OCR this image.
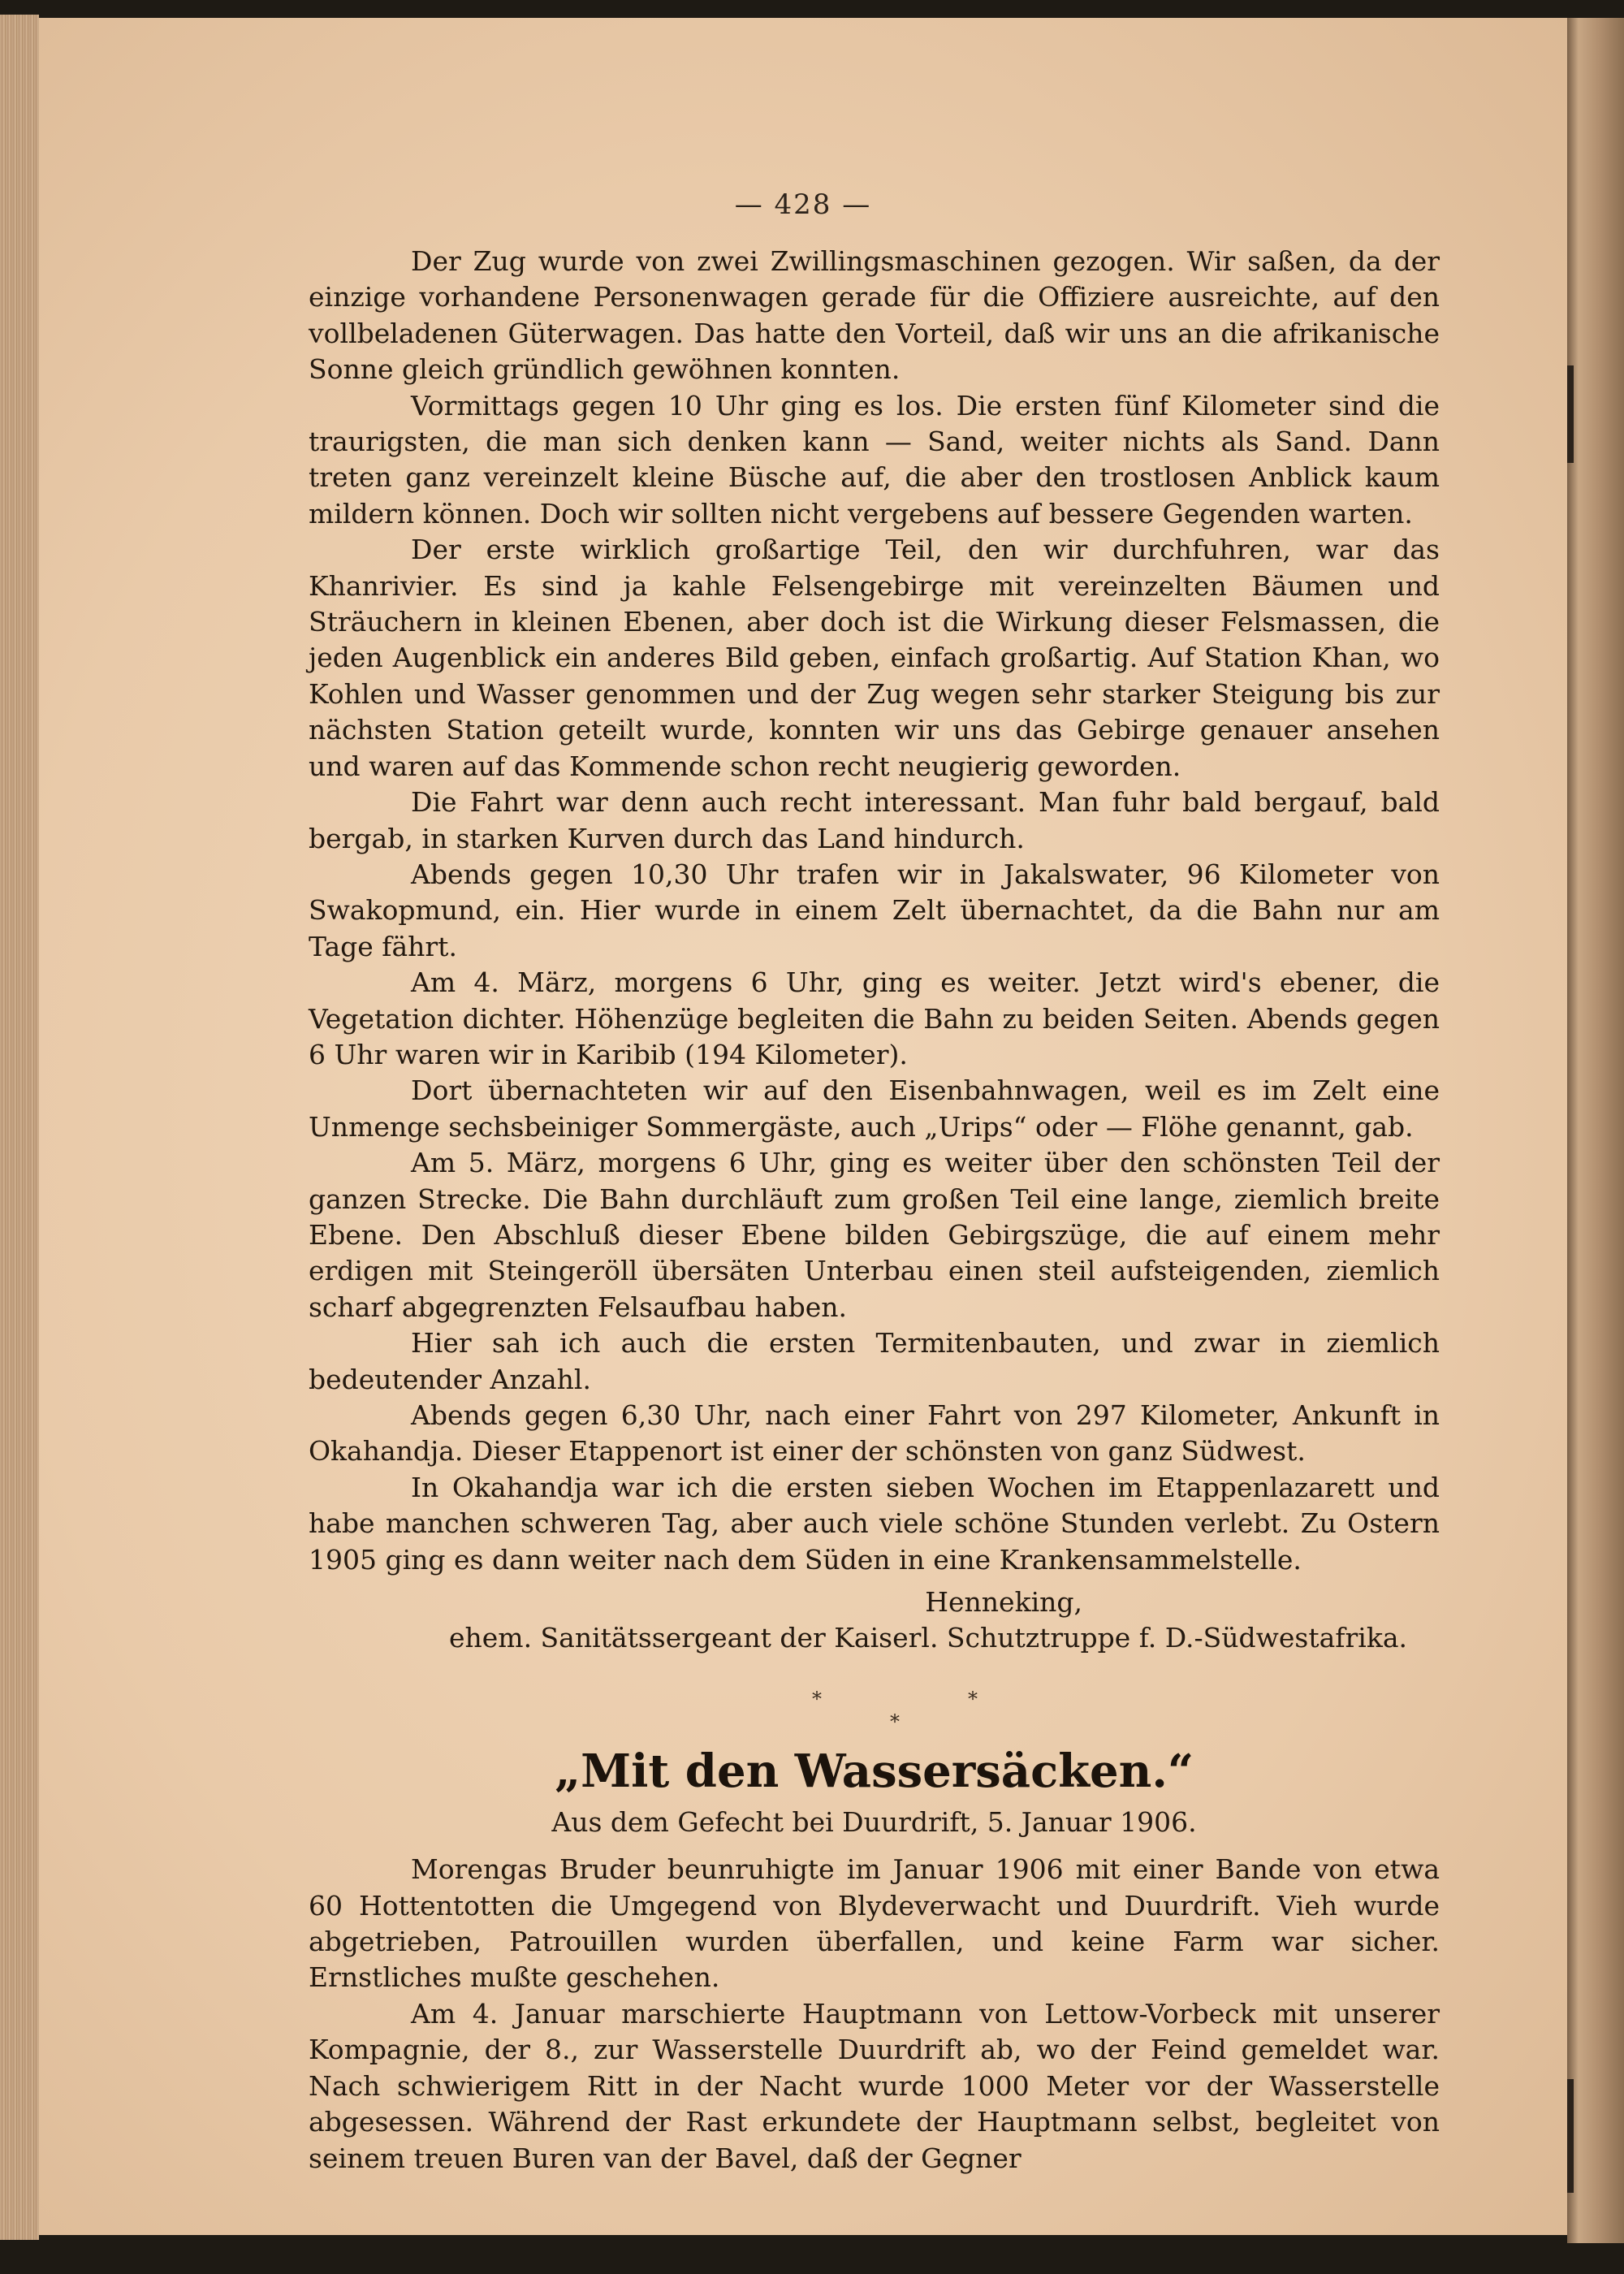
— 428 —

Der Zug wurde von zwei Zwillingsmaschinen gezogen. Wir saßen, da der einzige vorhandene Personenwagen gerade für die Offiziere ausreichte, auf den vollbeladenen Güterwagen. Das hatte den Vorteil, daß wir uns an die afrikanische Sonne gleich gründlich gewöhnen konnten.

Vormittags gegen 10 Uhr ging es los. Die ersten fünf Kilometer sind die traurigsten, die man sich denken kann — Sand, weiter nichts als Sand. Dann treten ganz vereinzelt kleine Büsche auf, die aber den trostlosen Anblick kaum mildern können. Doch wir sollten nicht vergebens auf bessere Gegenden warten.

Der erste wirklich großartige Teil, den wir durchfuhren, war das Khanrivier. Es sind ja kahle Felsengebirge mit vereinzelten Bäumen und Sträuchern in kleinen Ebenen, aber doch ist die Wirkung dieser Felsmassen, die jeden Augenblick ein anderes Bild geben, einfach großartig. Auf Station Khan, wo Kohlen und Wasser genommen und der Zug wegen sehr starker Steigung bis zur nächsten Station geteilt wurde, konnten wir uns das Gebirge genauer ansehen und waren auf das Kommende schon recht neugierig geworden.

Die Fahrt war denn auch recht interessant. Man fuhr bald bergauf, bald bergab, in starken Kurven durch das Land hindurch.

Abends gegen 10,30 Uhr trafen wir in Jakalswater, 96 Kilometer von Swakopmund, ein. Hier wurde in einem Zelt übernachtet, da die Bahn nur am Tage fährt.

Am 4. März, morgens 6 Uhr, ging es weiter. Jetzt wird's ebener, die Vegetation dichter. Höhenzüge begleiten die Bahn zu beiden Seiten. Abends gegen 6 Uhr waren wir in Karibib (194 Kilometer).

Dort übernachteten wir auf den Eisenbahnwagen, weil es im Zelt eine Unmenge sechsbeiniger Sommergäste, auch „Urips“ oder — Flöhe genannt, gab.

Am 5. März, morgens 6 Uhr, ging es weiter über den schönsten Teil der ganzen Strecke. Die Bahn durchläuft zum großen Teil eine lange, ziemlich breite Ebene. Den Abschluß dieser Ebene bilden Gebirgszüge, die auf einem mehr erdigen mit Steingeröll übersäten Unterbau einen steil aufsteigenden, ziemlich scharf abgegrenzten Felsaufbau haben.

Hier sah ich auch die ersten Termitenbauten, und zwar in ziemlich bedeutender Anzahl.

Abends gegen 6,30 Uhr, nach einer Fahrt von 297 Kilometer, Ankunft in Okahandja. Dieser Etappenort ist einer der schönsten von ganz Südwest.

In Okahandja war ich die ersten sieben Wochen im Etappenlazarett und habe manchen schweren Tag, aber auch viele schöne Stunden verlebt. Zu Ostern 1905 ging es dann weiter nach dem Süden in eine Krankensammelstelle.

Henneking,

ehem. Sanitätssergeant der Kaiserl. Schutztruppe f. D.-Südwestafrika.

*	*
*
„Mit den Wassersäcken.“
Aus dem Gefecht bei Duurdrift, 5. Januar 1906.

Morengas Bruder beunruhigte im Januar 1906 mit einer Bande von etwa 60 Hottentotten die Umgegend von Blydeverwacht und Duurdrift. Vieh wurde abgetrieben, Patrouillen wurden überfallen, und keine Farm war sicher. Ernstliches mußte geschehen.

Am 4. Januar marschierte Hauptmann von Lettow-Vorbeck mit unserer Kompagnie, der 8., zur Wasserstelle Duurdrift ab, wo der Feind gemeldet war. Nach schwierigem Ritt in der Nacht wurde 1000 Meter vor der Wasserstelle abgesessen. Während der Rast erkundete der Hauptmann selbst, begleitet von seinem treuen Buren van der Bavel, daß der Gegner
